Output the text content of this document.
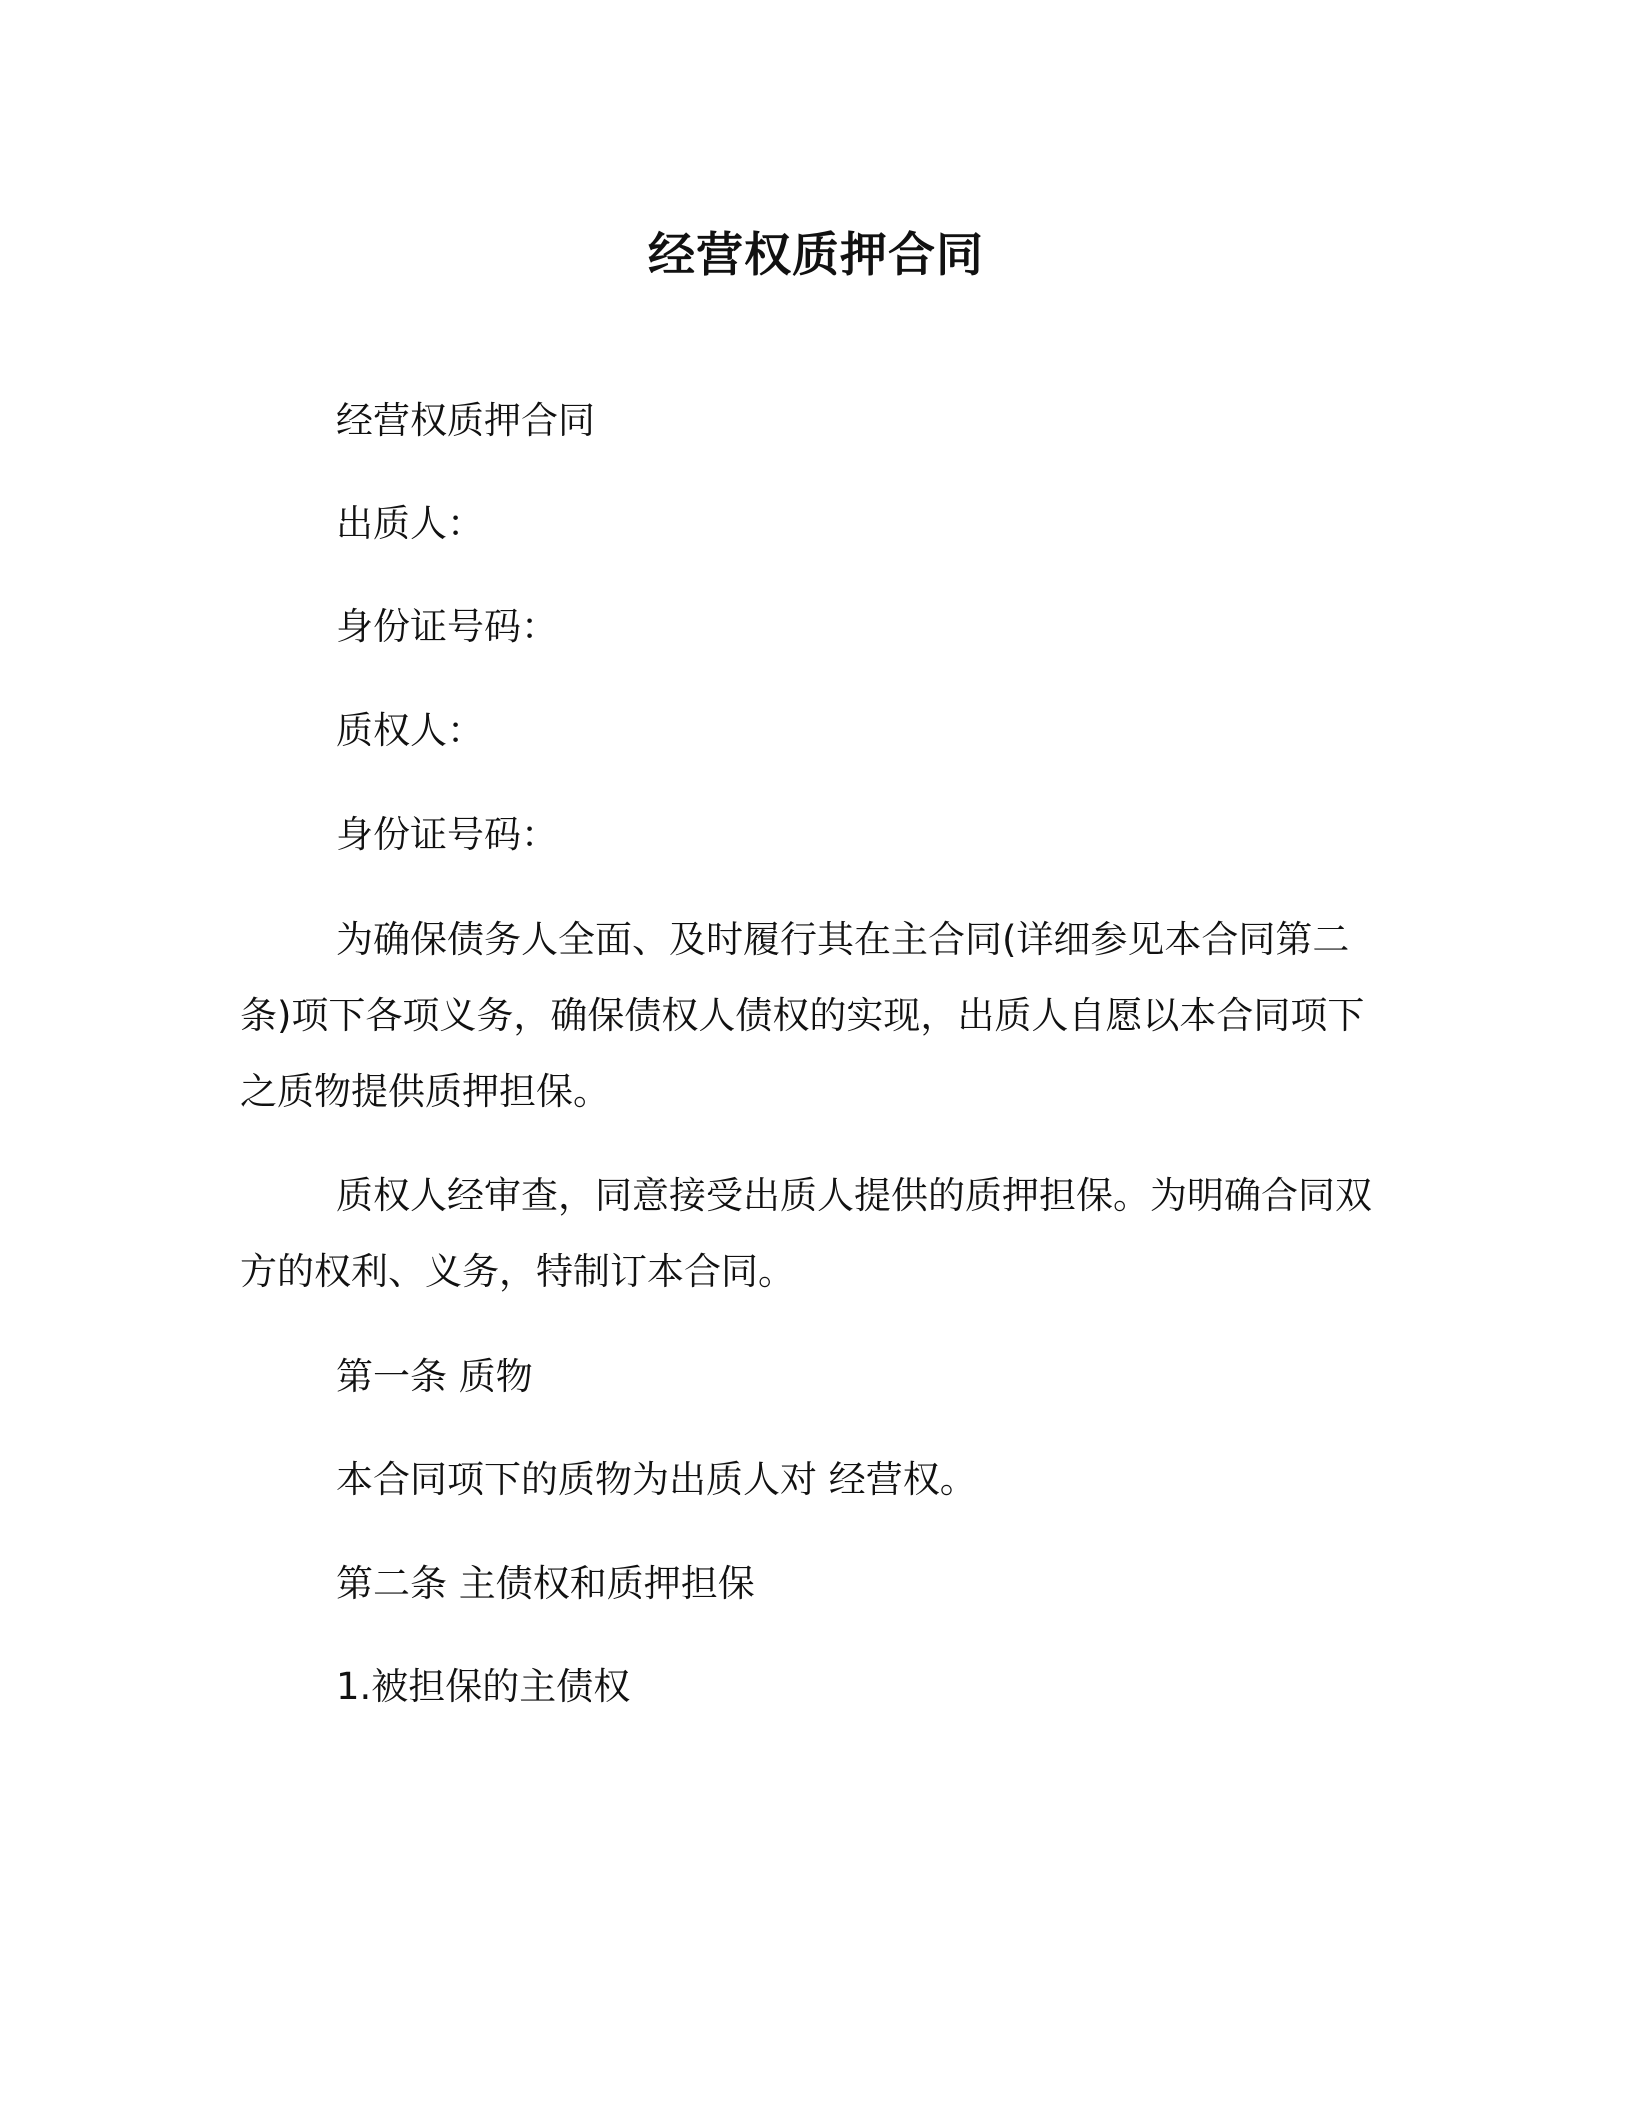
经营权质押合同

经营权质押合同

出质人：

身份证号码：

质权人：

身份证号码：

为确保债务人全面、及时履行其在主合同(详细参见本合同第二
条)项下各项义务，确保债权人债权的实现，出质人自愿以本合同项下
之质物提供质押担保。
质权人经审查，同意接受出质人提供的质押担保。为明确合同双
方的权利、义务，特制订本合同。

第一条 质物

本合同项下的质物为出质人对 经营权。

第二条 主债权和质押担保

1.被担保的主债权
